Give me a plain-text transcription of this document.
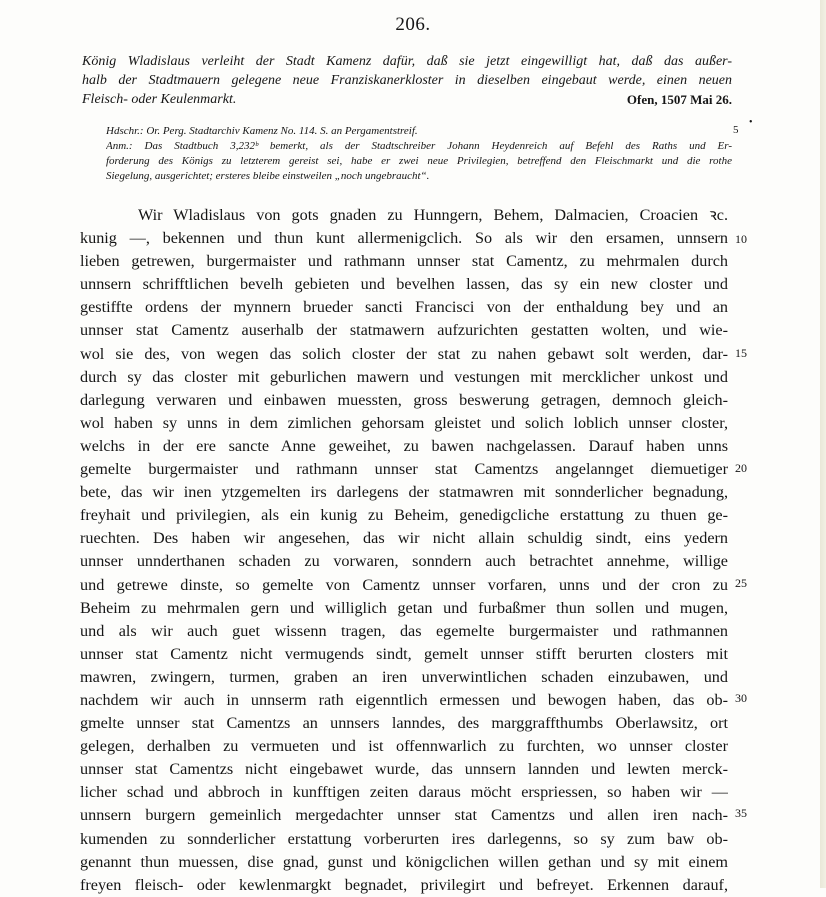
206.
König Wladislaus verleiht der Stadt Kamenz dafür, daß sie jetzt eingewilligt hat, daß das außer-
halb der Stadtmauern gelegene neue Franziskanerkloster in dieselben eingebaut werde, einen neuen
Fleisch- oder Keulenmarkt.	Ofen, 1507 Mai 26.
Hdschr.: Or. Perg. Stadtarchiv Kamenz No. 114. S. an Pergamentstreif.
Anm.: Das Stadtbuch 3,232ᵇ bemerkt, als der Stadtschreiber Johann Heydenreich auf Befehl des Raths und Er-
forderung des Königs zu letzterem gereist sei, habe er zwei neue Privilegien, betreffend den Fleischmarkt und die rothe
Siegelung, ausgerichtet; ersteres bleibe einstweilen „noch ungebraucht“.
5
•
Wir Wladislaus von gots gnaden zu Hunngern, Behem, Dalmacien, Croacien ꝛc.
kunig —, bekennen und thun kunt allermenigclich. So als wir den ersamen, unnsern
lieben getrewen, burgermaister und rathmann unnser stat Camentz, zu mehrmalen durch
unnsern schrifftlichen bevelh gebieten und bevelhen lassen, das sy ein new closter und
gestiffte ordens der mynnern brueder sancti Francisci von der enthaldung bey und an
unnser stat Camentz auserhalb der statmawern aufzurichten gestatten wolten, und wie-
wol sie des, von wegen das solich closter der stat zu nahen gebawt solt werden, dar-
durch sy das closter mit geburlichen mawern und vestungen mit mercklicher unkost und
darlegung verwaren und einbawen muessten, gross beswerung getragen, demnoch gleich-
wol haben sy unns in dem zimlichen gehorsam gleistet und solich loblich unnser closter,
welchs in der ere sancte Anne geweihet, zu bawen nachgelassen. Darauf haben unns
gemelte burgermaister und rathmann unnser stat Camentzs angelannget diemuetiger
bete, das wir inen ytzgemelten irs darlegens der statmawren mit sonnderlicher begnadung,
freyhait und privilegien, als ein kunig zu Beheim, genedigcliche erstattung zu thuen ge-
ruechten. Des haben wir angesehen, das wir nicht allain schuldig sindt, eins yedern
unnser unnderthanen schaden zu vorwaren, sonndern auch betrachtet annehme, willige
und getrewe dinste, so gemelte von Camentz unnser vorfaren, unns und der cron zu
Beheim zu mehrmalen gern und williglich getan und furbaßmer thun sollen und mugen,
und als wir auch guet wissenn tragen, das egemelte burgermaister und rathmannen
unnser stat Camentz nicht vermugends sindt, gemelt unnser stifft berurten closters mit
mawren, zwingern, turmen, graben an iren unverwintlichen schaden einzubawen, und
nachdem wir auch in unnserm rath eigenntlich ermessen und bewogen haben, das ob-
gmelte unnser stat Camentzs an unnsers lanndes, des marggraffthumbs Oberlawsitz, ort
gelegen, derhalben zu vermueten und ist offennwarlich zu furchten, wo unnser closter
unnser stat Camentzs nicht eingebawet wurde, das unnsern lannden und lewten merck-
licher schad und abbroch in kunfftigen zeiten daraus möcht erspriessen, so haben wir —
unnsern burgern gemeinlich mergedachter unnser stat Camentzs und allen iren nach-
kumenden zu sonnderlicher erstattung vorberurten ires darlegenns, so sy zum baw ob-
genannt thun muessen, dise gnad, gunst und königclichen willen gethan und sy mit einem
freyen fleisch- oder kewlenmargkt begnadet, privilegirt und befreyet. Erkennen darauf,
10
15
20
25
30
35
